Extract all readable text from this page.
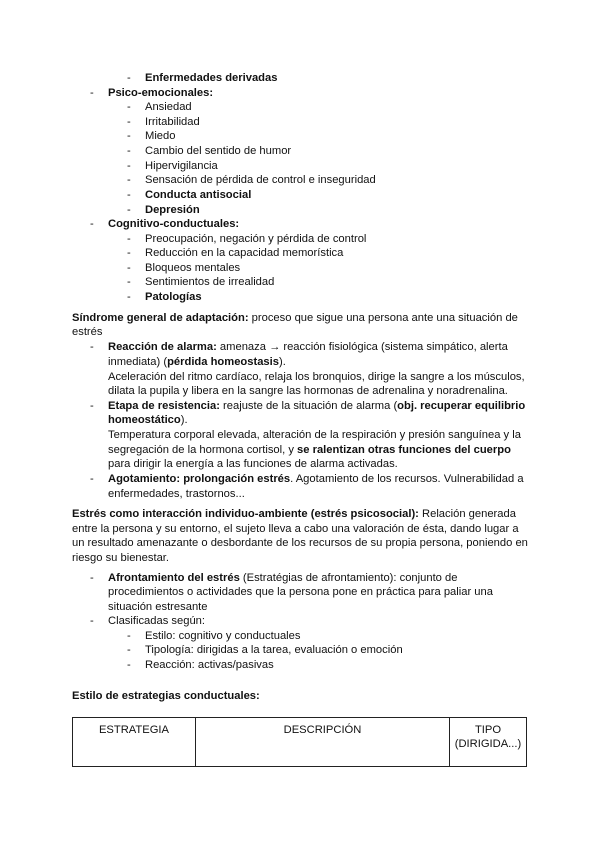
- Enfermedades derivadas
- Psico-emocionales:
- Ansiedad
- Irritabilidad
- Miedo
- Cambio del sentido de humor
- Hipervigilancia
- Sensación de pérdida de control e inseguridad
- Conducta antisocial
- Depresión
- Cognitivo-conductuales:
- Preocupación, negación y pérdida de control
- Reducción en la capacidad memorística
- Bloqueos mentales
- Sentimientos de irrealidad
- Patologías
Síndrome general de adaptación: proceso que sigue una persona ante una situación de
estrés
- Reacción de alarma: amenaza → reacción fisiológica (sistema simpático, alerta
inmediata) (pérdida homeostasis).
Aceleración del ritmo cardíaco, relaja los bronquios, dirige la sangre a los músculos,
dilata la pupila y libera en la sangre las hormonas de adrenalina y noradrenalina.
- Etapa de resistencia: reajuste de la situación de alarma (obj. recuperar equilibrio
homeostático).
Temperatura corporal elevada, alteración de la respiración y presión sanguínea y la
segregación de la hormona cortisol, y se ralentizan otras funciones del cuerpo
para dirigir la energía a las funciones de alarma activadas.
- Agotamiento: prolongación estrés. Agotamiento de los recursos. Vulnerabilidad a
enfermedades, trastornos...
Estrés como interacción individuo-ambiente (estrés psicosocial): Relación generada
entre la persona y su entorno, el sujeto lleva a cabo una valoración de ésta, dando lugar a
un resultado amenazante o desbordante de los recursos de su propia persona, poniendo en
riesgo su bienestar.
- Afrontamiento del estrés (Estratégias de afrontamiento): conjunto de
procedimientos o actividades que la persona pone en práctica para paliar una
situación estresante
- Clasificadas según:
- Estilo: cognitivo y conductuales
- Tipología: dirigidas a la tarea, evaluación o emoción
- Reacción: activas/pasivas
Estilo de estrategias conductuales:
ESTRATEGIA	DESCRIPCIÓN	TIPO (DIRIGIDA...)
